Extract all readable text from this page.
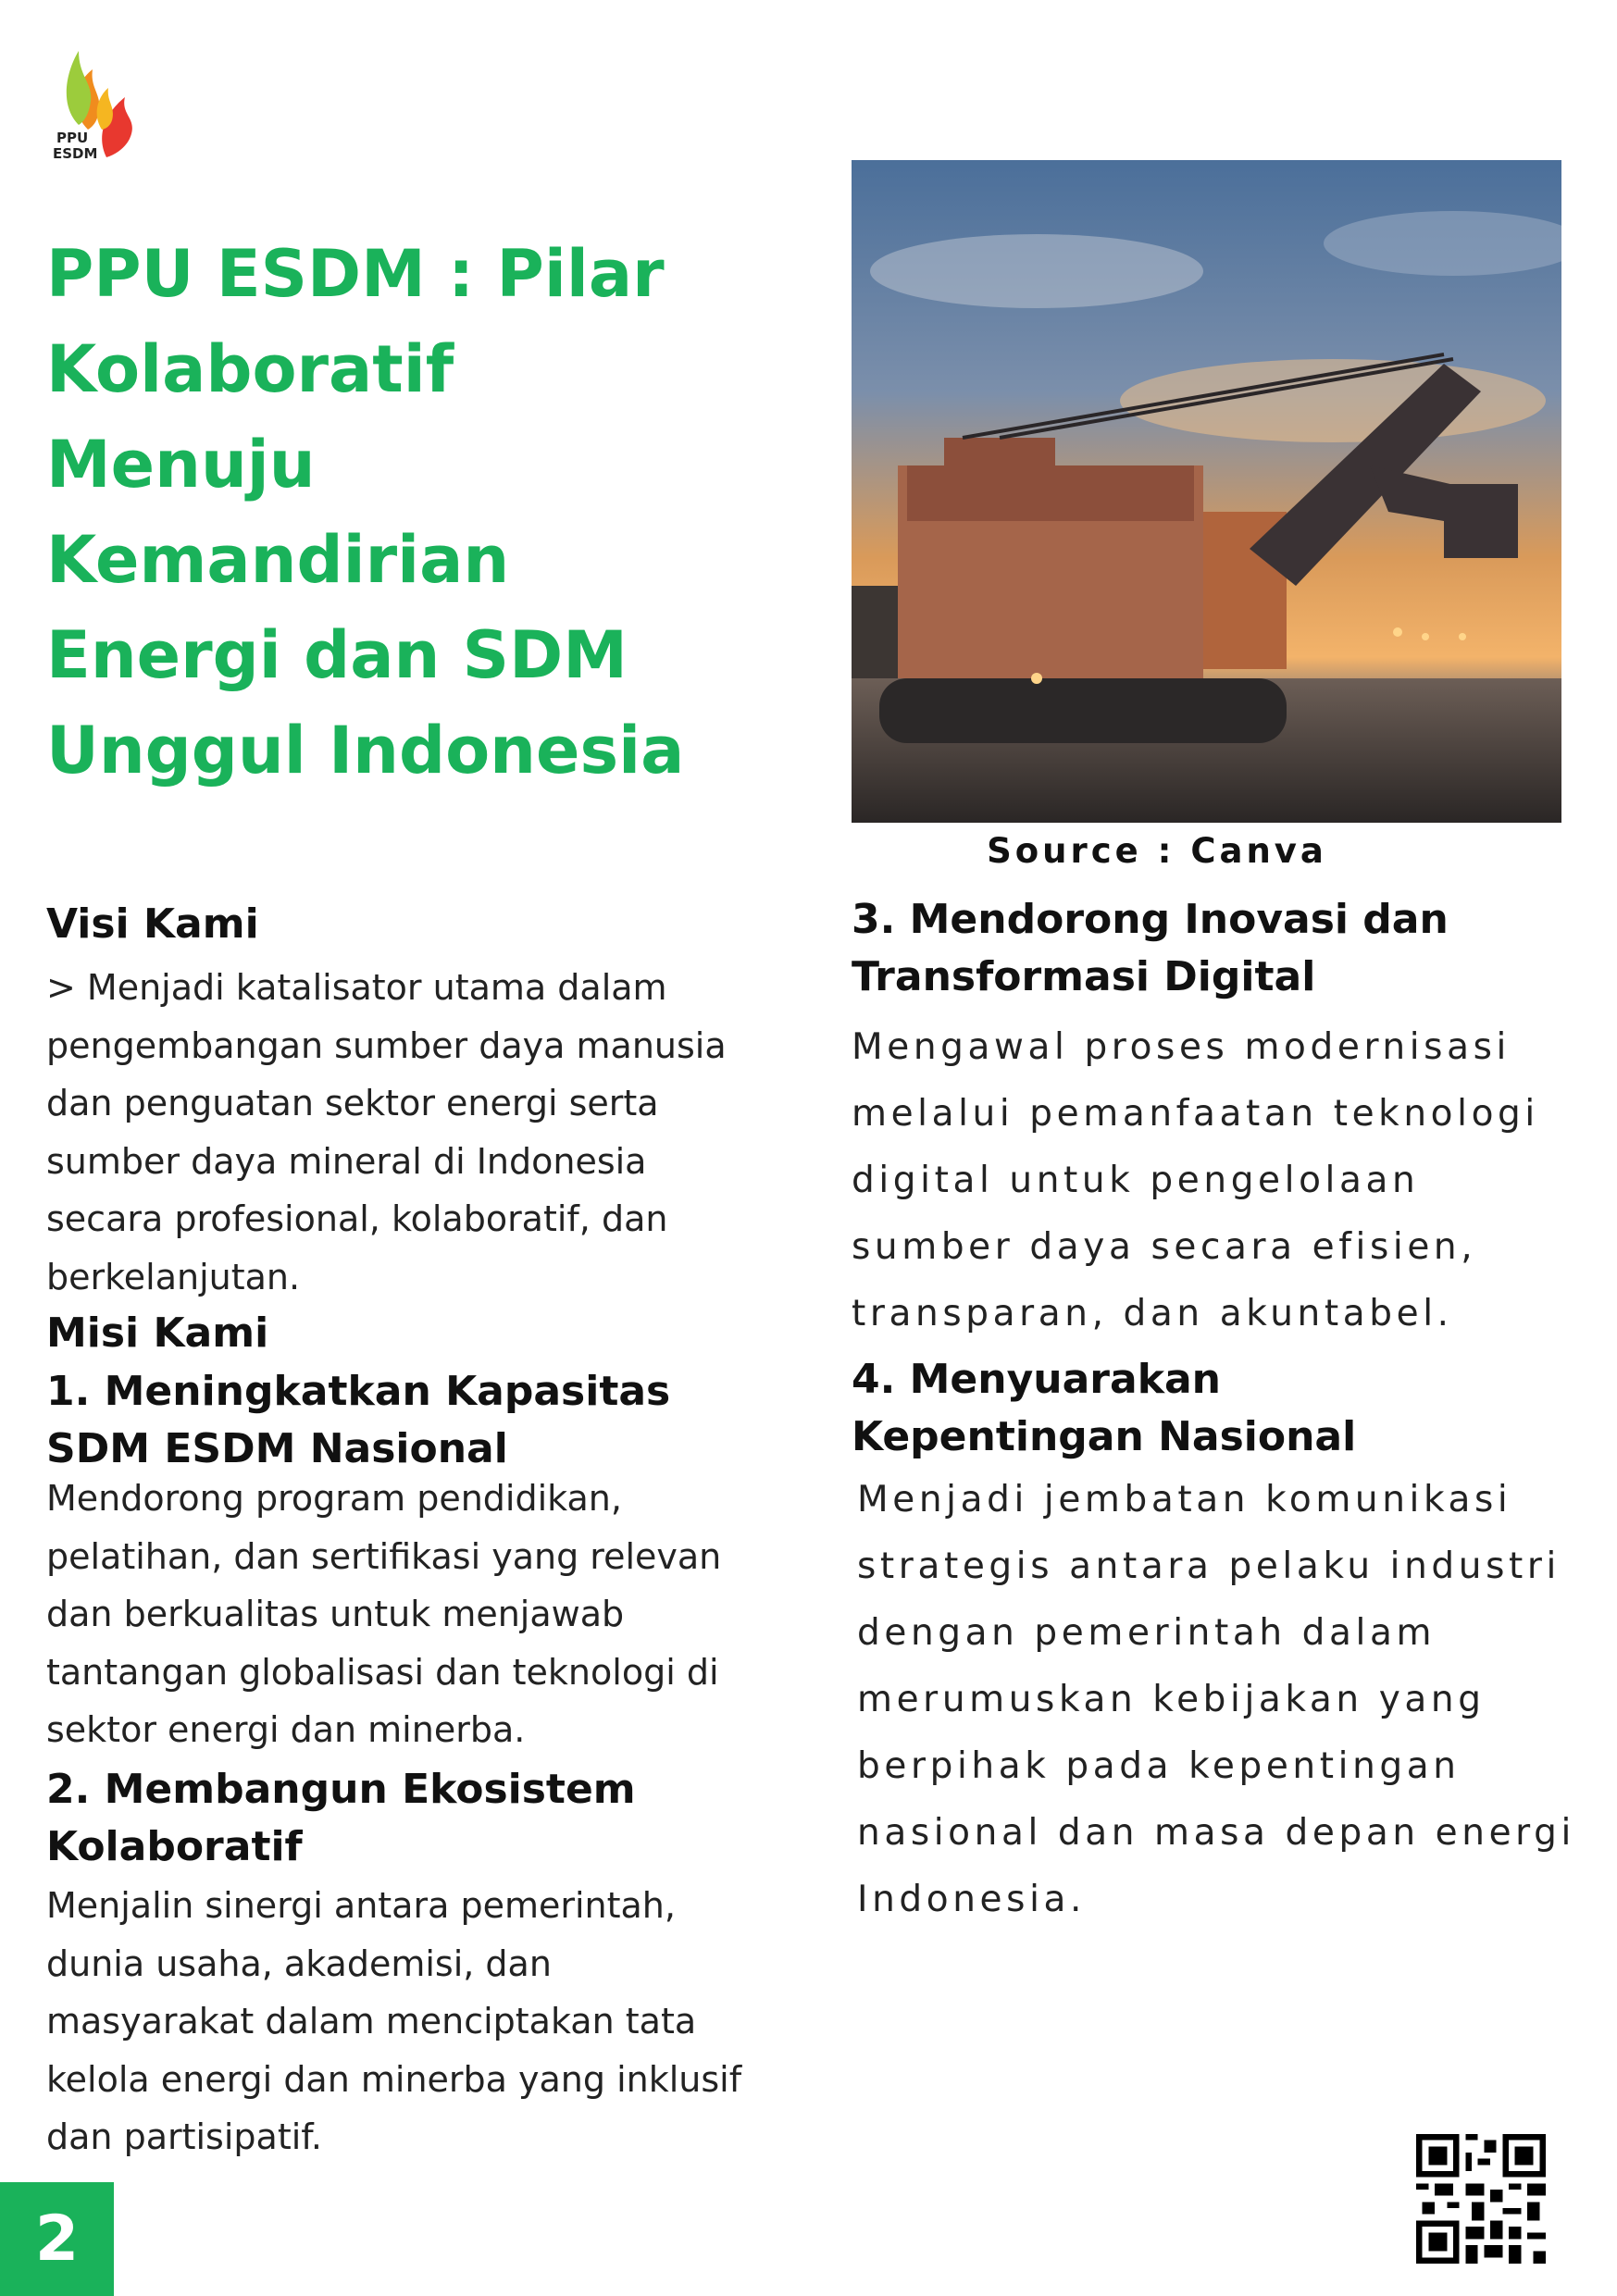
PPU
ESDM
PPU ESDM : Pilar
Kolaboratif
Menuju
Kemandirian
Energi dan SDM
Unggul Indonesia
Source : Canva
Visi Kami

> Menjadi katalisator utama dalam
pengembangan sumber daya manusia
dan penguatan sektor energi serta
sumber daya mineral di Indonesia
secara profesional, kolaboratif, dan
berkelanjutan.

Misi Kami
1. Meningkatkan Kapasitas
SDM ESDM Nasional

Mendorong program pendidikan,
pelatihan, dan sertifikasi yang relevan
dan berkualitas untuk menjawab
tantangan globalisasi dan teknologi di
sektor energi dan minerba.

2. Membangun Ekosistem
Kolaboratif

Menjalin sinergi antara pemerintah,
dunia usaha, akademisi, dan
masyarakat dalam menciptakan tata
kelola energi dan minerba yang inklusif
dan partisipatif.

3. Mendorong Inovasi dan
Transformasi Digital

Mengawal proses modernisasi
melalui pemanfaatan teknologi
digital untuk pengelolaan
sumber daya secara efisien,
transparan, dan akuntabel.

4. Menyuarakan
Kepentingan Nasional

Menjadi jembatan komunikasi
strategis antara pelaku industri
dengan pemerintah dalam
merumuskan kebijakan yang
berpihak pada kepentingan
nasional dan masa depan energi
Indonesia.

2
